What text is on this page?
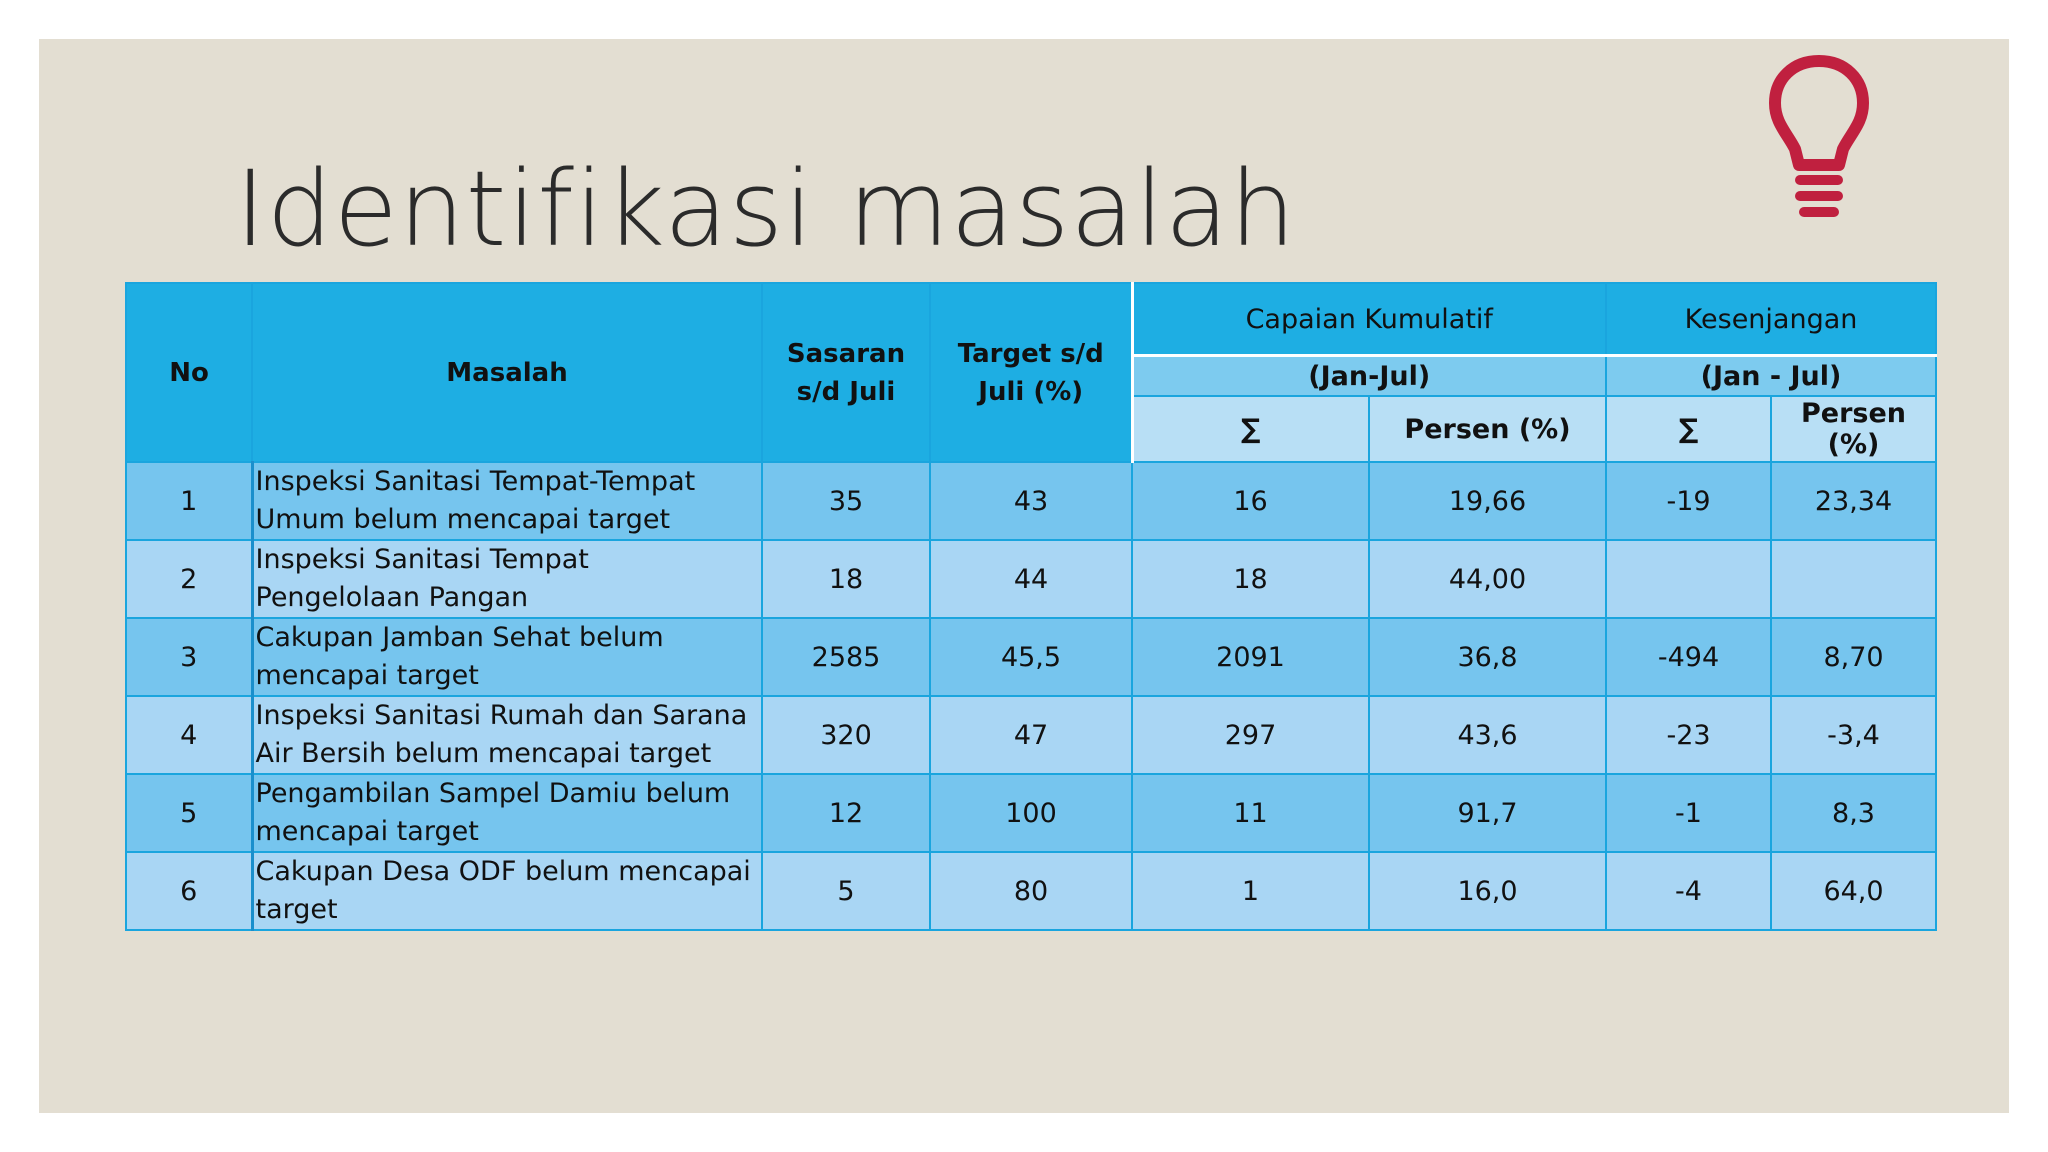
Identifikasi masalah
No	Masalah	Sasaran s/d Juli	Target s/d Juli (%)	Capaian Kumulatif		Kesenjangan	
				(Jan-Jul)		(Jan - Jul)	
				∑	Persen (%)	∑	Persen (%)
1	Inspeksi Sanitasi Tempat-Tempat Umum belum mencapai target	35	43	16	19,66	-19	23,34
2	Inspeksi Sanitasi Tempat Pengelolaan Pangan	18	44	18	44,00		
3	Cakupan Jamban Sehat belum mencapai target	2585	45,5	2091	36,8	-494	8,70
4	Inspeksi Sanitasi Rumah dan Sarana Air Bersih belum mencapai target	320	47	297	43,6	-23	-3,4
5	Pengambilan Sampel Damiu belum mencapai target	12	100	11	91,7	-1	8,3
6	Cakupan Desa ODF belum mencapai target	5	80	1	16,0	-4	64,0
